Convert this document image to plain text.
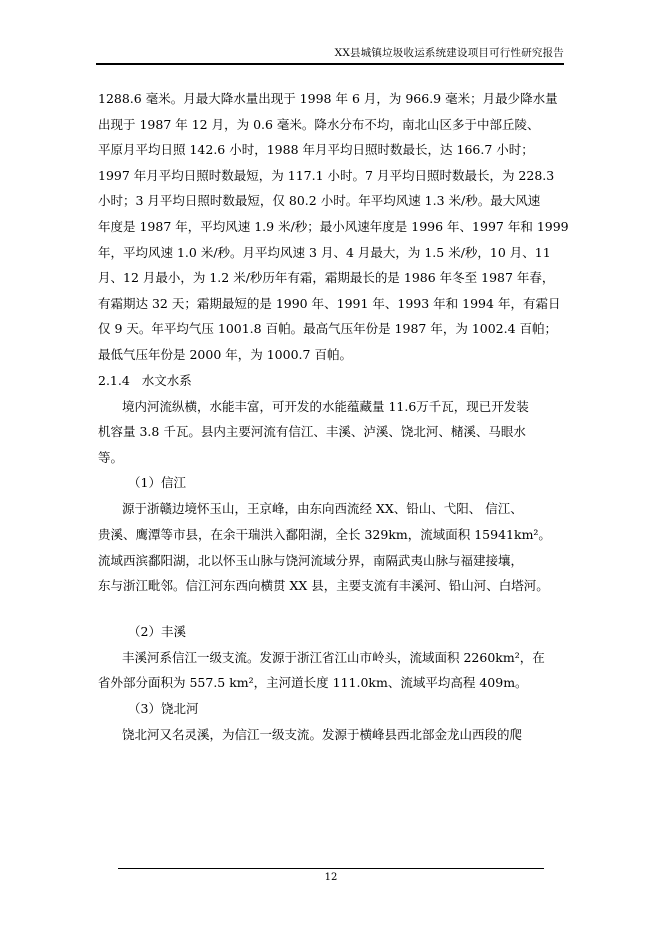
XX县城镇垃圾收运系统建设项目可行性研究报告
1288.6 毫米。月最大降水量出现于 1998 年 6 月，为 966.9 毫米；月最少降水量
出现于 1987 年 12 月，为 0.6 毫米。降水分布不均，南北山区多于中部丘陵、
平原月平均日照 142.6 小时，1988 年月平均日照时数最长，达 166.7 小时；
1997 年月平均日照时数最短，为 117.1 小时。7 月平均日照时数最长，为 228.3
小时；3 月平均日照时数最短，仅 80.2 小时。年平均风速 1.3 米/秒。最大风速
年度是 1987 年，平均风速 1.9 米/秒；最小风速年度是 1996 年、1997 年和 1999
年，平均风速 1.0 米/秒。月平均风速 3 月、4 月最大，为 1.5 米/秒，10 月、11
月、12 月最小，为 1.2 米/秒历年有霜，霜期最长的是 1986 年冬至 1987 年春，
有霜期达 32 天；霜期最短的是 1990 年、1991 年、1993 年和 1994 年，有霜日
仅 9 天。年平均气压 1001.8 百帕。最高气压年份是 1987 年，为 1002.4 百帕；
最低气压年份是 2000 年，为 1000.7 百帕。
2.1.4 水文水系
境内河流纵横，水能丰富，可开发的水能蕴藏量 11.6万千瓦，现已开发装
机容量 3.8 千瓦。县内主要河流有信江、丰溪、泸溪、饶北河、槠溪、马眼水
等。
（1）信江
源于浙赣边境怀玉山，王京峰，由东向西流经 XX、铅山、弋阳、 信江、
贵溪、鹰潭等市县，在余干瑞洪入鄱阳湖，全长 329km，流域面积 15941km²。
流域西滨鄱阳湖，北以怀玉山脉与饶河流域分界，南隔武夷山脉与福建接壤，
东与浙江毗邻。信江河东西向横贯 XX 县，主要支流有丰溪河、铅山河、白塔河。
（2）丰溪
丰溪河系信江一级支流。发源于浙江省江山市岭头，流域面积 2260km²，在
省外部分面积为 557.5 km²，主河道长度 111.0km、流域平均高程 409m。
（3）饶北河
饶北河又名灵溪，为信江一级支流。发源于横峰县西北部金龙山西段的爬
12
